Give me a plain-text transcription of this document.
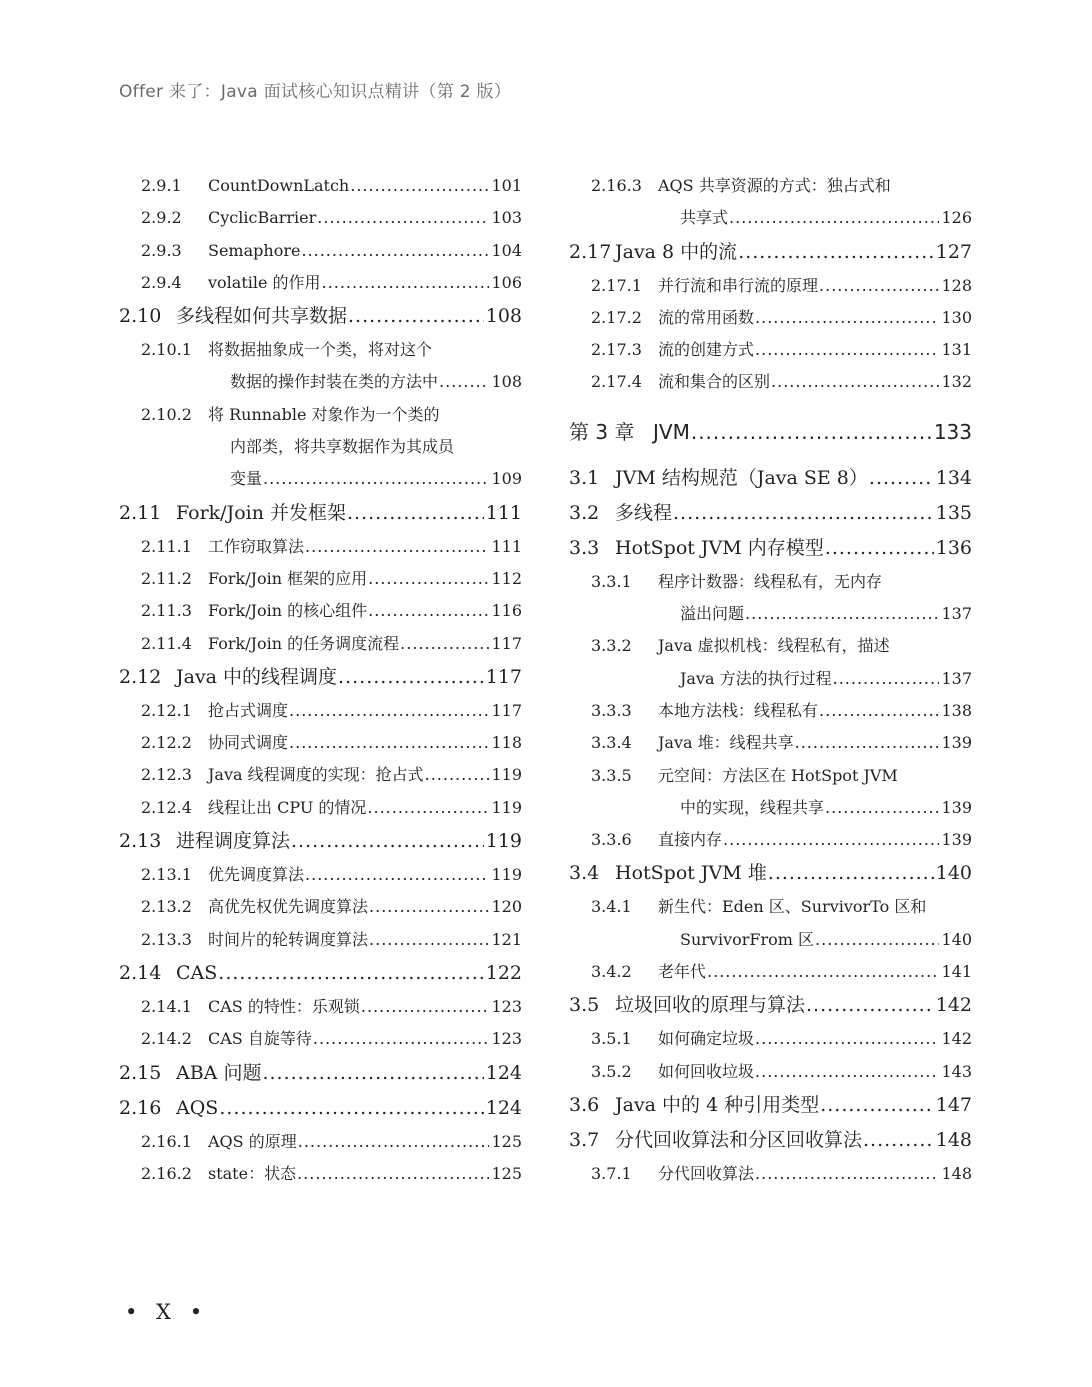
Offer 来了：Java 面试核心知识点精讲（第 2 版）
2.9.1	CountDownLatch .....	101
2.9.2	CyclicBarrier .....	103
2.9.3	Semaphore .....	104
2.9.4	volatile 的作用 .....	106
2.10 多线程如何共享数据 .....	108
2.10.1	将数据抽象成一个类，将对这个
数据的操作封装在类的方法中 .....	108
2.10.2	将 Runnable 对象作为一个类的
内部类，将共享数据作为其成员
变量 .....	109
2.11 Fork/Join 并发框架 .....	111
2.11.1	工作窃取算法 .....	111
2.11.2	Fork/Join 框架的应用 .....	112
2.11.3	Fork/Join 的核心组件 .....	116
2.11.4	Fork/Join 的任务调度流程 .....	117
2.12 Java 中的线程调度 .....	117
2.12.1	抢占式调度 .....	117
2.12.2	协同式调度 .....	118
2.12.3	Java 线程调度的实现：抢占式 .....	119
2.12.4	线程让出 CPU 的情况 .....	119
2.13 进程调度算法 .....	119
2.13.1	优先调度算法 .....	119
2.13.2	高优先权优先调度算法 .....	120
2.13.3	时间片的轮转调度算法 .....	121
2.14 CAS .....	122
2.14.1	CAS 的特性：乐观锁 .....	123
2.14.2	CAS 自旋等待 .....	123
2.15 ABA 问题 .....	124
2.16 AQS .....	124
2.16.1	AQS 的原理 .....	125
2.16.2	state：状态 .....	125
2.16.3	AQS 共享资源的方式：独占式和
共享式 .....	126
2.17 Java 8 中的流 .....	127
2.17.1	并行流和串行流的原理 .....	128
2.17.2	流的常用函数 .....	130
2.17.3	流的创建方式 .....	131
2.17.4	流和集合的区别 .....	132
第 3 章 JVM .....	133
3.1 JVM 结构规范（Java SE 8） .....	134
3.2 多线程 .....	135
3.3 HotSpot JVM 内存模型 .....	136
3.3.1	程序计数器：线程私有，无内存
溢出问题 .....	137
3.3.2	Java 虚拟机栈：线程私有，描述
Java 方法的执行过程 .....	137
3.3.3	本地方法栈：线程私有 .....	138
3.3.4	Java 堆：线程共享 .....	139
3.3.5	元空间：方法区在 HotSpot JVM
中的实现，线程共享 .....	139
3.3.6	直接内存 .....	139
3.4 HotSpot JVM 堆 .....	140
3.4.1	新生代：Eden 区、SurvivorTo 区和
SurvivorFrom 区 .....	140
3.4.2	老年代 .....	141
3.5 垃圾回收的原理与算法 .....	142
3.5.1	如何确定垃圾 .....	142
3.5.2	如何回收垃圾 .....	143
3.6 Java 中的 4 种引用类型 .....	147
3.7 分代回收算法和分区回收算法 .....	148
3.7.1	分代回收算法 .....	148
• X •
